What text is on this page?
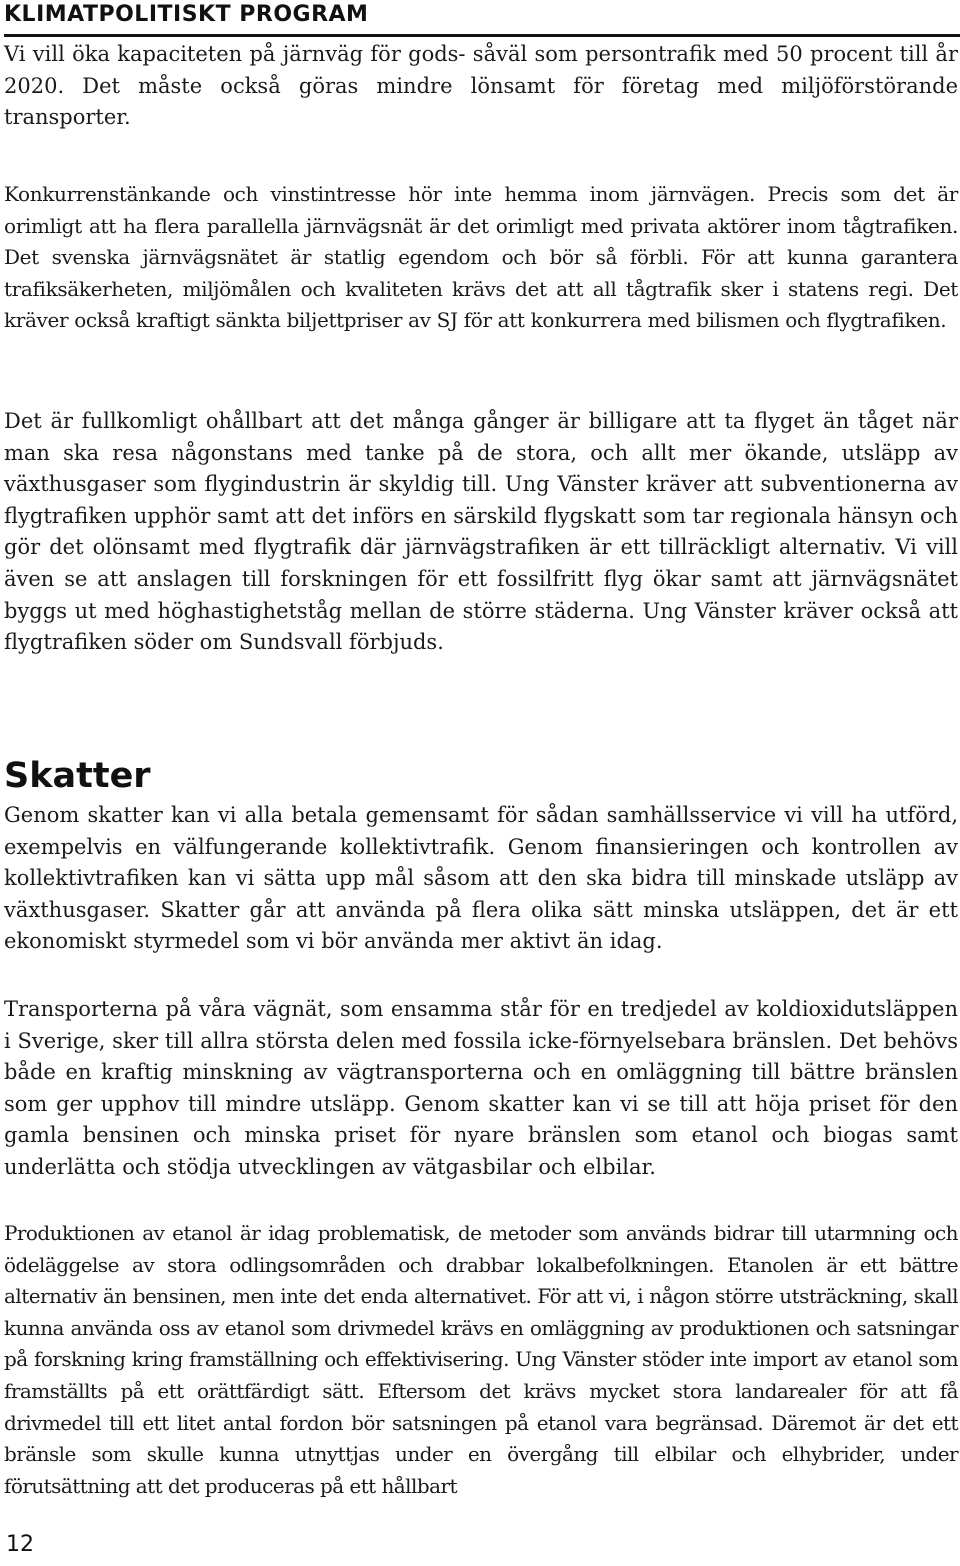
KLIMATPOLITISKT PROGRAM

Vi vill öka kapaciteten på järnväg för gods- såväl som persontrafik med 50 procent till år 2020. Det måste också göras mindre lönsamt för företag med miljöförstörande transporter.

Konkurrenstänkande och vinstintresse hör inte hemma inom järnvägen. Precis som det är orimligt att ha flera parallella järnvägsnät är det orimligt med privata aktörer inom tågtrafiken. Det svenska järnvägsnätet är statlig egendom och bör så förbli. För att kunna garantera trafiksäkerheten, miljömålen och kvaliteten krävs det att all tågtrafik sker i statens regi. Det kräver också kraftigt sänkta biljettpriser av SJ för att konkurrera med bilismen och flygtrafiken.

Det är fullkomligt ohållbart att det många gånger är billigare att ta flyget än tåget när man ska resa någonstans med tanke på de stora, och allt mer ökande, utsläpp av växthusgaser som flygindustrin är skyldig till. Ung Vänster kräver att subventionerna av flygtrafiken upphör samt att det införs en särskild flygskatt som tar regionala hänsyn och gör det olönsamt med flygtrafik där järnvägstrafiken är ett tillräckligt alternativ. Vi vill även se att anslagen till forskningen för ett fossilfritt flyg ökar samt att järnvägsnätet byggs ut med höghastighetståg mellan de större städerna. Ung Vänster kräver också att flygtrafiken söder om Sundsvall förbjuds.

Skatter

Genom skatter kan vi alla betala gemensamt för sådan samhällsservice vi vill ha utförd, exempelvis en välfungerande kollektivtrafik. Genom finansieringen och kontrollen av kollektivtrafiken kan vi sätta upp mål såsom att den ska bidra till minskade utsläpp av växthusgaser. Skatter går att använda på flera olika sätt minska utsläppen, det är ett ekonomiskt styrmedel som vi bör använda mer aktivt än idag.

Transporterna på våra vägnät, som ensamma står för en tredjedel av koldioxidutsläppen i Sverige, sker till allra största delen med fossila icke-förnyelsebara bränslen. Det behövs både en kraftig minskning av vägtransporterna och en omläggning till bättre bränslen som ger upphov till mindre utsläpp. Genom skatter kan vi se till att höja priset för den gamla bensinen och minska priset för nyare bränslen som etanol och biogas samt underlätta och stödja utvecklingen av vätgasbilar och elbilar.

Produktionen av etanol är idag problematisk, de metoder som används bidrar till utarmning och ödeläggelse av stora odlingsområden och drabbar lokalbefolkningen. Etanolen är ett bättre alternativ än bensinen, men inte det enda alternativet. För att vi, i någon större utsträckning, skall kunna använda oss av etanol som drivmedel krävs en omläggning av produktionen och satsningar på forskning kring framställning och effektivisering. Ung Vänster stöder inte import av etanol som framställts på ett orättfärdigt sätt. Eftersom det krävs mycket stora landarealer för att få drivmedel till ett litet antal fordon bör satsningen på etanol vara begränsad. Däremot är det ett bränsle som skulle kunna utnyttjas under en övergång till elbilar och elhybrider, under förutsättning att det produceras på ett hållbart

12
